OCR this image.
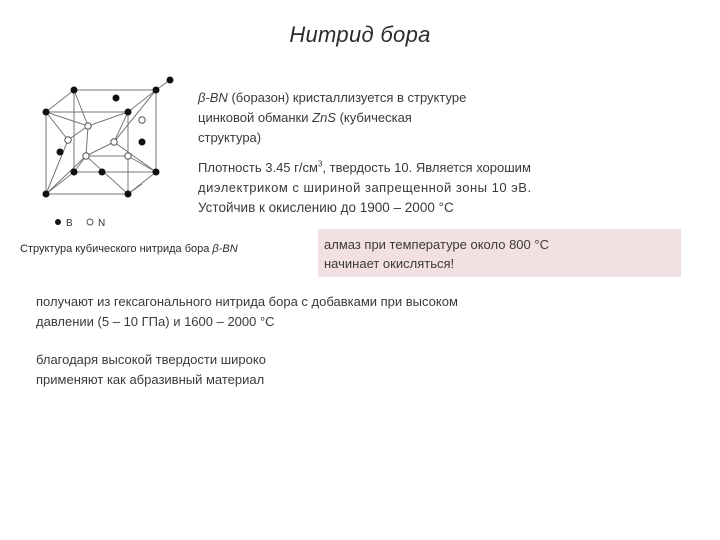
Нитрид бора
B	N
Структура кубического нитрида бора β-BN
β-BN (боразон) кристаллизуется в структуре
цинковой обманки ZnS (кубическая
структура)
Плотность 3.45 $г/см^3$, твердость 10. Является хорошим
диэлектриком с шириной запрещенной зоны 10 эВ.
Устойчив к окислению до 1900 – 2000 °С
алмаз при температуре около 800 °С
начинает окисляться!
получают из гексагонального нитрида бора с добавками при высоком
давлении (5 – 10 ГПа) и 1600 – 2000 °С
благодаря высокой твердости широко
применяют как абразивный материал
